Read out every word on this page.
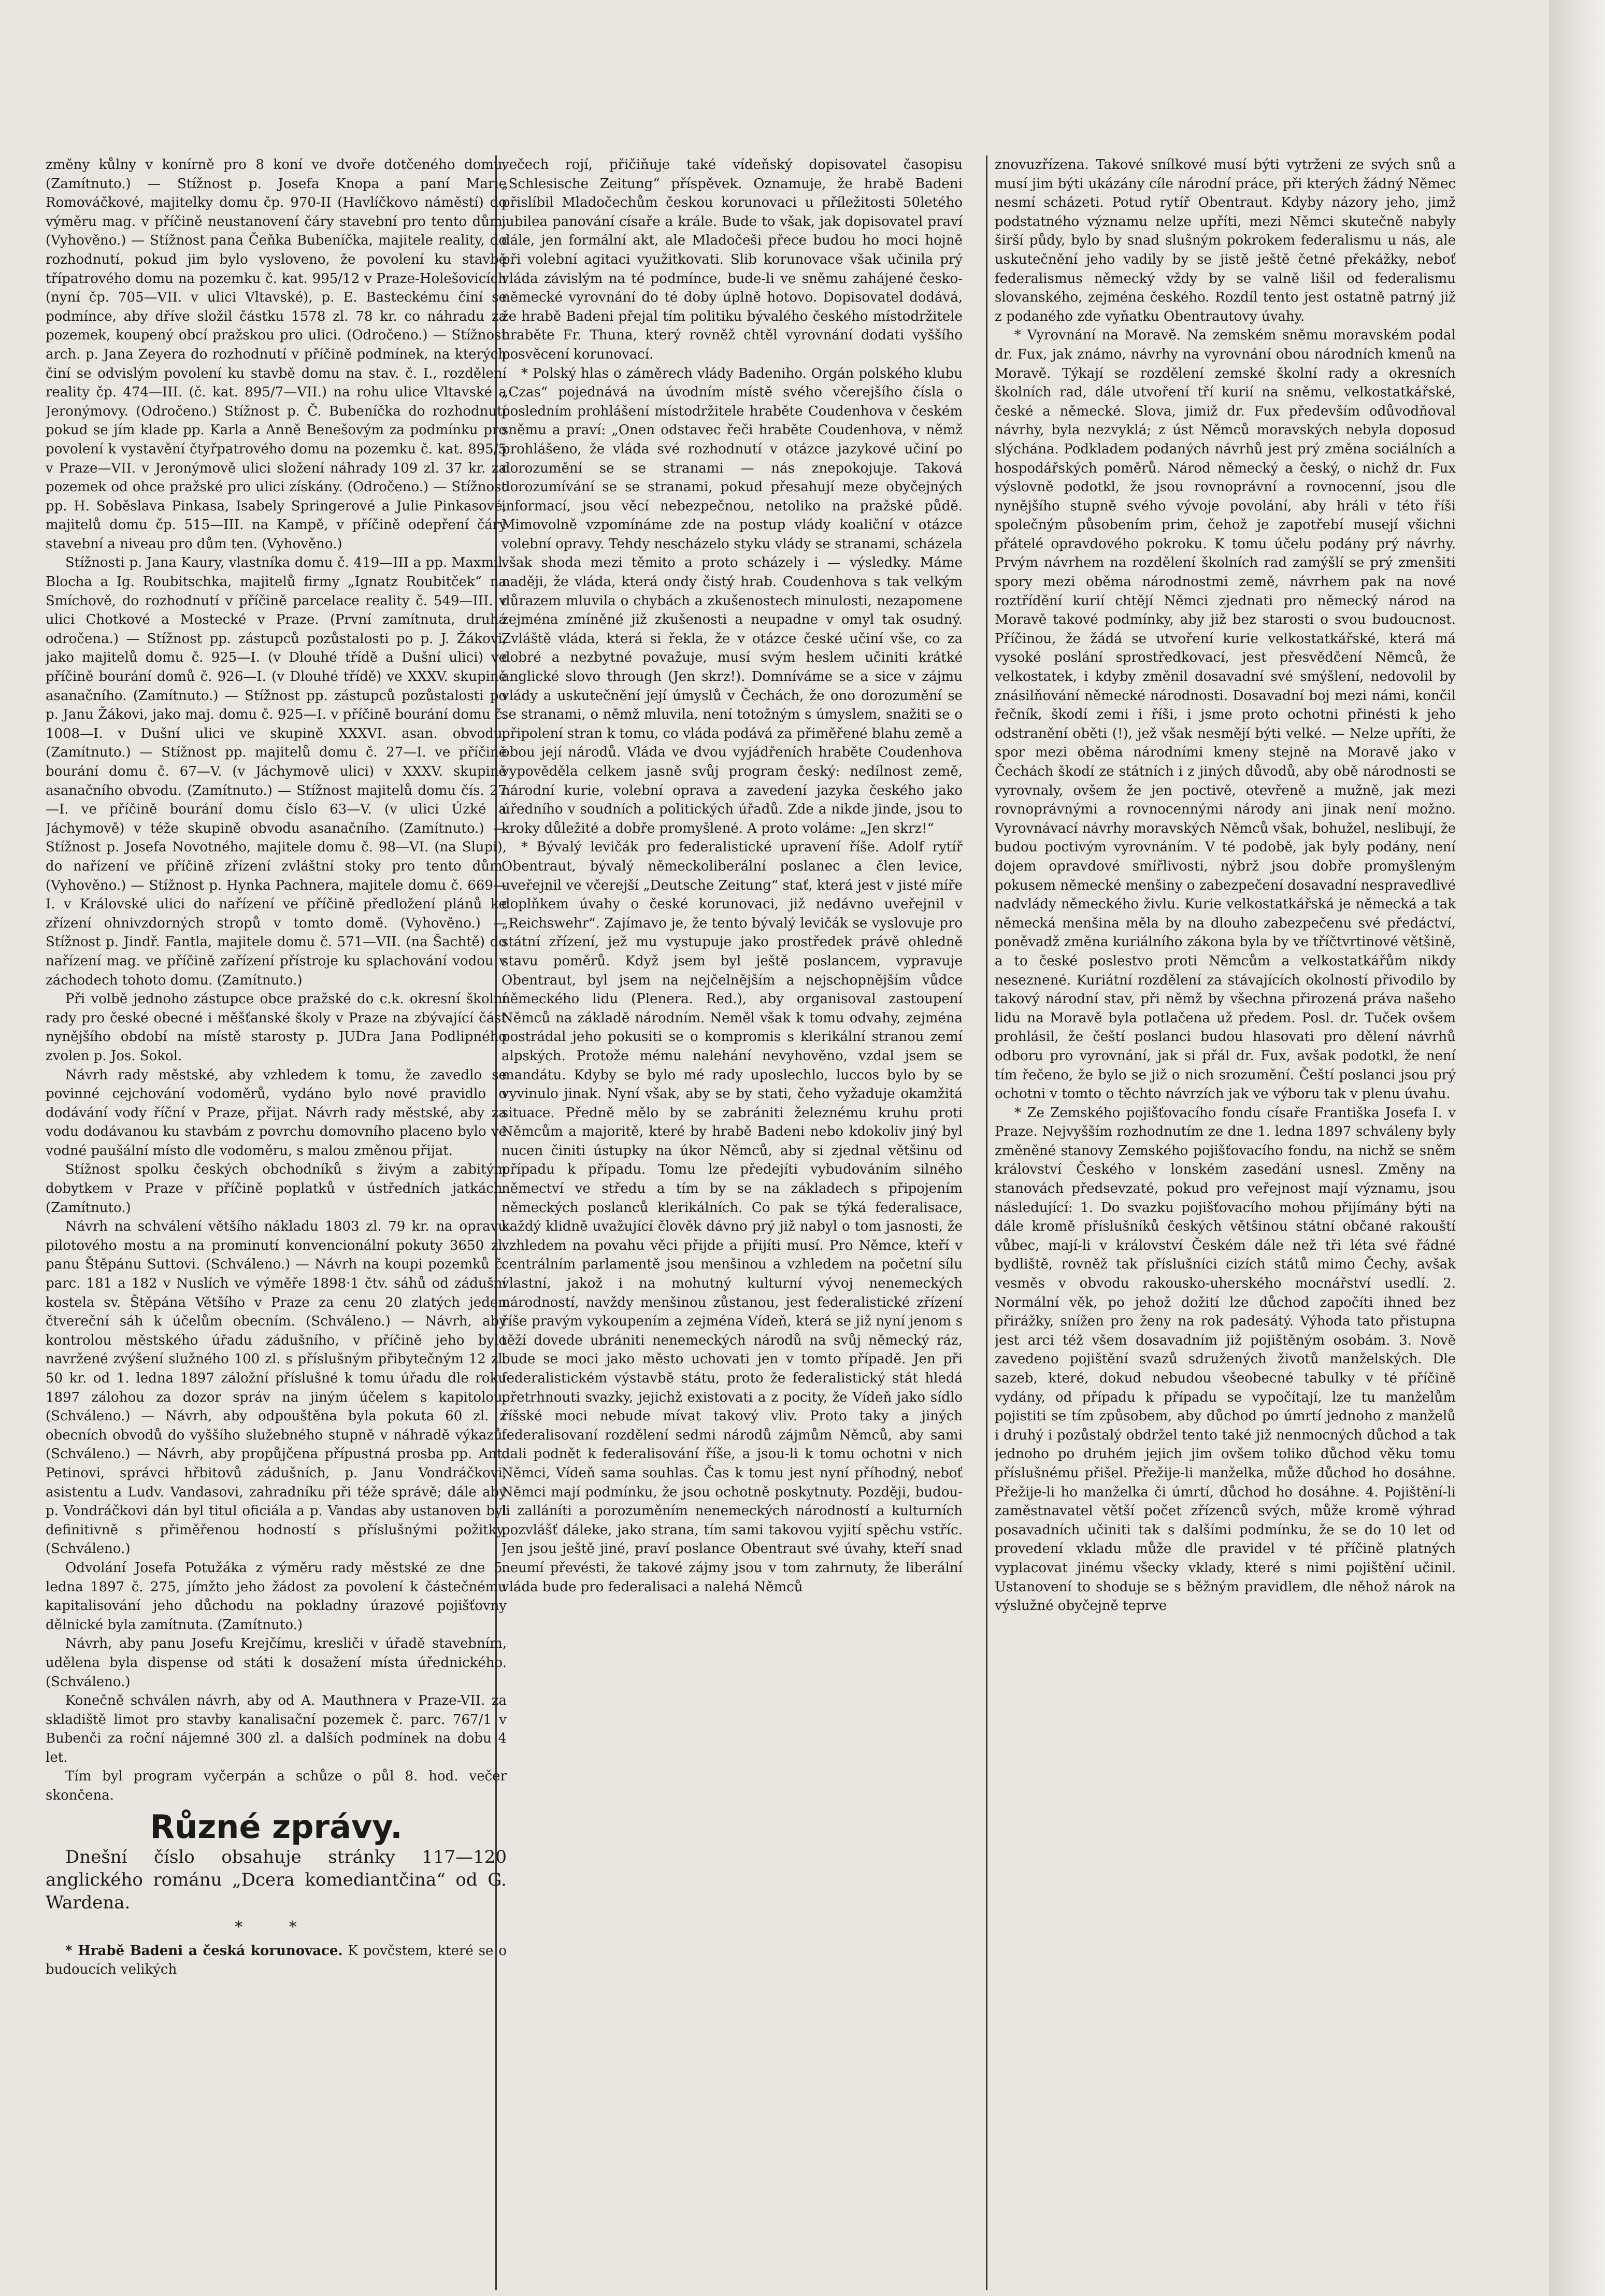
změny kůlny v konírně pro 8 koní ve dvoře dotčeného domu, (Zamítnuto.) — Stížnost p. Josefa Knopa a paní Marie Romováčkové, majitelky domu čp. 970-II (Havlíčkovo náměstí) do výměru mag. v příčině neustanovení čáry stavební pro tento dům. (Vyhověno.) — Stížnost pana Čeňka Bubeníčka, majitele reality, do rozhodnutí, pokud jim bylo vysloveno, že povolení ku stavbě třípatrového domu na pozemku č. kat. 995/12 v Praze-Holešovicích (nyní čp. 705—VII. v ulici Vltavské), p. E. Basteckému činí se podmínce, aby dříve složil částku 1578 zl. 78 kr. co náhradu za pozemek, koupený obcí pražskou pro ulici. (Odročeno.) — Stížnost arch. p. Jana Zeyera do rozhodnutí v příčině podmínek, na kterých činí se odvislým povolení ku stavbě domu na stav. č. I., rozdělení reality čp. 474—III. (č. kat. 895/7—VII.) na rohu ulice Vltavské a Jeronýmovy. (Odročeno.) Stížnost p. Č. Bubeníčka do rozhodnutí pokud se jím klade pp. Karla a Anně Benešovým za podmínku pro povolení k vystavění čtyřpatrového domu na pozemku č. kat. 895/5 v Praze—VII. v Jeronýmově ulici složení náhrady 109 zl. 37 kr. za pozemek od ohce pražské pro ulici získány. (Odročeno.) — Stížnost pp. H. Soběslava Pinkasa, Isabely Springerové a Julie Pinkasové, majitelů domu čp. 515—III. na Kampě, v příčině odepření čáry stavební a niveau pro dům ten. (Vyhověno.)

Stížnosti p. Jana Kaury, vlastníka domu č. 419—III a pp. Maxmil. Blocha a Ig. Roubitschka, majitelů firmy „Ignatz Roubitček“ na Smíchově, do rozhodnutí v příčině parcelace reality č. 549—III. v ulici Chotkové a Mostecké v Praze. (První zamítnuta, druhá odročena.) — Stížnost pp. zástupců pozůstalosti po p. J. Žákovi, jako majitelů domu č. 925—I. (v Dlouhé třídě a Dušní ulici) ve příčině bourání domů č. 926—I. (v Dlouhé třídě) ve XXXV. skupině asanačního. (Zamítnuto.) — Stížnost pp. zástupců pozůstalosti po p. Janu Žákovi, jako maj. domu č. 925—I. v příčině bourání domu č. 1008—I. v Dušní ulici ve skupině XXXVI. asan. obvodu. (Zamítnuto.) — Stížnost pp. majitelů domu č. 27—I. ve příčině bourání domu č. 67—V. (v Jáchymově ulici) v XXXV. skupině asanačního obvodu. (Zamítnuto.) — Stížnost majitelů domu čís. 27—I. ve příčině bourání domu číslo 63—V. (v ulici Úzké a Jáchymově) v téže skupině obvodu asanačního. (Zamítnuto.) — Stížnost p. Josefa Novotného, majitele domu č. 98—VI. (na Slupi), do nařízení ve příčině zřízení zvláštní stoky pro tento dům. (Vyhověno.) — Stížnost p. Hynka Pachnera, majitele domu č. 669—I. v Královské ulici do nařízení ve příčině předložení plánů ke zřízení ohnivzdorných stropů v tomto domě. (Vyhověno.) — Stížnost p. Jindř. Fantla, majitele domu č. 571—VII. (na Šachtě) do nařízení mag. ve příčině zařízení přístroje ku splachování vodou v záchodech tohoto domu. (Zamítnuto.)

Při volbě jednoho zástupce obce pražské do c.k. okresní školní rady pro české obecné i měšťanské školy v Praze na zbývající část nynějšího období na místě starosty p. JUDra Jana Podlipného zvolen p. Jos. Sokol.

Návrh rady městské, aby vzhledem k tomu, že zavedlo se povinné cejchování vodoměrů, vydáno bylo nové pravidlo o dodávání vody říční v Praze, přijat. Návrh rady městské, aby za vodu dodávanou ku stavbám z povrchu domovního placeno bylo ve vodné paušální místo dle vodoměru, s malou změnou přijat.

Stížnost spolku českých obchodníků s živým a zabitým dobytkem v Praze v příčině poplatků v ústředních jatkách. (Zamítnuto.)

Návrh na schválení většího nákladu 1803 zl. 79 kr. na opravu pilotového mostu a na prominutí konvencionální pokuty 3650 zl. panu Štěpánu Suttovi. (Schváleno.) — Návrh na koupi pozemků č. parc. 181 a 182 v Nuslích ve výměře 1898·1 čtv. sáhů od zádušní kostela sv. Štěpána Většího v Praze za cenu 20 zlatých jeden čtvereční sáh k účelům obecním. (Schváleno.) — Návrh, aby kontrolou městského úřadu zádušního, v příčině jeho bylo navržené zvýšení služného 100 zl. s příslušným přibytečným 12 zl. 50 kr. od 1. ledna 1897 záložní příslušné k tomu úřadu dle roku 1897 zálohou za dozor správ na jiným účelem s kapitolou. (Schváleno.) — Návrh, aby odpouštěna byla pokuta 60 zl. z obecních obvodů do vyššího služebného stupně v náhradě výkazů. (Schváleno.) — Návrh, aby propůjčena přípustná prosba pp. Ant. Petinovi, správci hřbitovů zádušních, p. Janu Vondráčkovi, asistentu a Ludv. Vandasovi, zahradníku při téže správě; dále aby p. Vondráčkovi dán byl titul oficiála a p. Vandas aby ustanoven byl definitivně s přiměřenou hodností s příslušnými požitky. (Schváleno.)

Odvolání Josefa Potužáka z výměru rady městské ze dne 5. ledna 1897 č. 275, jímžto jeho žádost za povolení k částečnému kapitalisování jeho důchodu na pokladny úrazové pojišťovny dělnické byla zamítnuta. (Zamítnuto.)

Návrh, aby panu Josefu Krejčímu, kresliči v úřadě stavebním, udělena byla dispense od státi k dosažení místa úřednického. (Schváleno.)

Konečně schválen návrh, aby od A. Mauthnera v Praze-VII. za skladiště limot pro stavby kanalisační pozemek č. parc. 767/1 v Bubenči za roční nájemné 300 zl. a dalších podmínek na dobu 4 let.

Tím byl program vyčerpán a schůze o půl 8. hod. večer skončena.

Různé zprávy.

Dnešní číslo obsahuje stránky 117—120 anglického románu „Dcera komediantčina“ od G. Wardena.

* *

* Hrabě Badeni a česká korunovace. K povčstem, které se o budoucích velikých

večech rojí, přičiňuje také vídeňský dopisovatel časopisu „Schlesische Zeitung“ příspěvek. Oznamuje, že hrabě Badeni přislíbil Mladočechům českou korunovaci u příležitosti 50letého jubilea panování císaře a krále. Bude to však, jak dopisovatel praví dále, jen formální akt, ale Mladočeši přece budou ho moci hojně při volební agitaci využitkovati. Slib korunovace však učinila prý vláda závislým na té podmínce, bude-li ve sněmu zahájené česko-německé vyrovnání do té doby úplně hotovo. Dopisovatel dodává, že hrabě Badeni přejal tím politiku bývalého českého místodržitele hraběte Fr. Thuna, který rovněž chtěl vyrovnání dodati vyššího posvěcení korunovací.

* Polský hlas o záměrech vlády Badeniho. Orgán polského klubu „Czas“ pojednává na úvodním místě svého včerejšího čísla o posledním prohlášení místodržitele hraběte Coudenhova v českém sněmu a praví: „Onen odstavec řeči hraběte Coudenhova, v němž prohlášeno, že vláda své rozhodnutí v otázce jazykové učiní po dorozumění se se stranami — nás znepokojuje. Taková dorozumívání se se stranami, pokud přesahují meze obyčejných informací, jsou věcí nebezpečnou, netoliko na pražské půdě. Mimovolně vzpomínáme zde na postup vlády koaliční v otázce volební opravy. Tehdy nescházelo styku vlády se stranami, scházela však shoda mezi těmito a proto scházely i — výsledky. Máme naději, že vláda, která ondy čistý hrab. Coudenhova s tak velkým důrazem mluvila o chybách a zkušenostech minulosti, nezapomene zejména zmíněné již zkušenosti a neupadne v omyl tak osudný. Zvláště vláda, která si řekla, že v otázce české učiní vše, co za dobré a nezbytné považuje, musí svým heslem učiniti krátké anglické slovo through (Jen skrz!). Domníváme se a sice v zájmu vlády a uskutečnění její úmyslů v Čechách, že ono dorozumění se se stranami, o němž mluvila, není totožným s úmyslem, snažiti se o připolení stran k tomu, co vláda podává za přiměřené blahu země a obou její národů. Vláda ve dvou vyjádřeních hraběte Coudenhova vypověděla celkem jasně svůj program český: nedílnost země, národní kurie, volební oprava a zavedení jazyka českého jako úředního v soudních a politických úřadů. Zde a nikde jinde, jsou to kroky důležité a dobře promyšlené. A proto voláme: „Jen skrz!“

* Bývalý levičák pro federalistické upravení říše. Adolf rytíř Obentraut, bývalý německoliberální poslanec a člen levice, uveřejnil ve včerejší „Deutsche Zeitung“ stať, která jest v jisté míře doplňkem úvahy o české korunovaci, již nedávno uveřejnil v „Reichswehr“. Zajímavo je, že tento bývalý levičák se vyslovuje pro státní zřízení, jež mu vystupuje jako prostředek právě ohledně stavu poměrů. Když jsem byl ještě poslancem, vypravuje Obentraut, byl jsem na nejčelnějším a nejschopnějším vůdce německého lidu (Plenera. Red.), aby organisoval zastoupení Němců na základě národním. Neměl však k tomu odvahy, zejména postrádal jeho pokusiti se o kompromis s klerikální stranou zemí alpských. Protože mému nalehání nevyhověno, vzdal jsem se mandátu. Kdyby se bylo mé rady uposlechlo, luccos bylo by se vyvinulo jinak. Nyní však, aby se by stati, čeho vyžaduje okamžitá situace. Předně mělo by se zabrániti železnému kruhu proti Němcům a majoritě, které by hrabě Badeni nebo kdokoliv jiný byl nucen činiti ústupky na úkor Němců, aby si zjednal většinu od případu k případu. Tomu lze předejíti vybudováním silného němectví ve středu a tím by se na základech s připojením německých poslanců klerikálních. Co pak se týká federalisace, každý klidně uvažující člověk dávno prý již nabyl o tom jasnosti, že vzhledem na povahu věci přijde a přijíti musí. Pro Němce, kteří v centrálním parlamentě jsou menšinou a vzhledem na početní sílu vlastní, jakož i na mohutný kulturní vývoj nenemeckých národností, navždy menšinou zůstanou, jest federalistické zřízení říše pravým vykoupením a zejména Vídeň, která se již nyní jenom s těží dovede ubrániti nenemeckých národů na svůj německý ráz, bude se moci jako město uchovati jen v tomto případě. Jen při federalistickém výstavbě státu, proto že federalistický stát hledá přetrhnouti svazky, jejichž existovati a z pocity, že Vídeň jako sídlo říšské moci nebude mívat takový vliv. Proto taky a jiných federalisovaní rozdělení sedmi národů zájmům Němců, aby sami dali podnět k federalisování říše, a jsou-li k tomu ochotni v nich Němci, Vídeň sama souhlas. Čas k tomu jest nyní příhodný, neboť Němci mají podmínku, že jsou ochotně poskytnuty. Později, budou-li zalláníti a porozuměním nenemeckých národností a kulturních pozvlášť dáleke, jako strana, tím sami takovou vyjití spěchu vstříc. Jen jsou ještě jiné, praví poslance Obentraut své úvahy, kteří snad neumí převésti, že takové zájmy jsou v tom zahrnuty, že liberální vláda bude pro federalisaci a nalehá Němců

znovuzřízena. Takové snílkové musí býti vytrženi ze svých snů a musí jim býti ukázány cíle národní práce, při kterých žádný Němec nesmí scházeti. Potud rytíř Obentraut. Kdyby názory jeho, jimž podstatného významu nelze upříti, mezi Němci skutečně nabyly širší půdy, bylo by snad slušným pokrokem federalismu u nás, ale uskutečnění jeho vadily by se jistě ještě četné překážky, neboť federalismus německý vždy by se valně lišil od federalismu slovanského, zejména českého. Rozdíl tento jest ostatně patrný již z podaného zde vyňatku Obentrautovy úvahy.

* Vyrovnání na Moravě. Na zemském sněmu moravském podal dr. Fux, jak známo, návrhy na vyrovnání obou národních kmenů na Moravě. Týkají se rozdělení zemské školní rady a okresních školních rad, dále utvoření tří kurií na sněmu, velkostatkářské, české a německé. Slova, jimiž dr. Fux především odůvodňoval návrhy, byla nezvyklá; z úst Němců moravských nebyla doposud slýchána. Podkladem podaných návrhů jest prý změna sociálních a hospodářských poměrů. Národ německý a český, o nichž dr. Fux výslovně podotkl, že jsou rovnoprávní a rovnocenní, jsou dle nynějšího stupně svého vývoje povolání, aby hráli v této říši společným působením prim, čehož je zapotřebí musejí všichni přátelé opravdového pokroku. K tomu účelu podány prý návrhy. Prvým návrhem na rozdělení školních rad zamýšlí se prý zmenšiti spory mezi oběma národnostmi země, návrhem pak na nové roztřídění kurií chtějí Němci zjednati pro německý národ na Moravě takové podmínky, aby již bez starosti o svou budoucnost. Příčinou, že žádá se utvoření kurie velkostatkářské, která má vysoké poslání sprostředkovací, jest přesvědčení Němců, že velkostatek, i kdyby změnil dosavadní své smýšlení, nedovolil by znásilňování německé národnosti. Dosavadní boj mezi námi, končil řečník, škodí zemi i říši, i jsme proto ochotni přinésti k jeho odstranění oběti (!), jež však nesmějí býti velké. — Nelze upříti, že spor mezi oběma národními kmeny stejně na Moravě jako v Čechách škodí ze státních i z jiných důvodů, aby obě národnosti se vyrovnaly, ovšem že jen poctivě, otevřeně a mužně, jak mezi rovnoprávnými a rovnocennými národy ani jinak není možno. Vyrovnávací návrhy moravských Němců však, bohužel, neslibují, že budou poctivým vyrovnáním. V té podobě, jak byly podány, není dojem opravdové smířlivosti, nýbrž jsou dobře promyšleným pokusem německé menšiny o zabezpečení dosavadní nespravedlivé nadvlády německého živlu. Kurie velkostatkářská je německá a tak německá menšina měla by na dlouho zabezpečenu své předáctví, poněvadž změna kuriálního zákona byla by ve tříčtvrtinové většině, a to české poslestvo proti Němcům a velkostatkářům nikdy neseznené. Kuriátní rozdělení za stávajících okolností přivodilo by takový národní stav, při němž by všechna přirozená práva našeho lidu na Moravě byla potlačena už předem. Posl. dr. Tuček ovšem prohlásil, že čeští poslanci budou hlasovati pro dělení návrhů odboru pro vyrovnání, jak si přál dr. Fux, avšak podotkl, že není tím řečeno, že bylo se již o nich srozumění. Čeští poslanci jsou prý ochotni v tomto o těchto návrzích jak ve výboru tak v plenu úvahu.

* Ze Zemského pojišťovacího fondu císaře Františka Josefa I. v Praze. Nejvyšším rozhodnutím ze dne 1. ledna 1897 schváleny byly změněné stanovy Zemského pojišťovacího fondu, na nichž se sněm království Českého v lonském zasedání usnesl. Změny na stanovách předsevzaté, pokud pro veřejnost mají významu, jsou následující: 1. Do svazku pojišťovacího mohou přijímány býti na dále kromě příslušníků českých většinou státní občané rakouští vůbec, mají-li v království Českém dále než tři léta své řádné bydliště, rovněž tak příslušníci cizích států mimo Čechy, avšak vesměs v obvodu rakousko-uherského mocnářství usedlí. 2. Normální věk, po jehož dožití lze důchod započíti ihned bez přirážky, snížen pro ženy na rok padesátý. Výhoda tato přistupna jest arci též všem dosavadním již pojištěným osobám. 3. Nově zavedeno pojištění svazů sdružených životů manželských. Dle sazeb, které, dokud nebudou všeobecné tabulky v té příčině vydány, od případu k případu se vypočítají, lze tu manželům pojistiti se tím způsobem, aby důchod po úmrtí jednoho z manželů i druhý i pozůstalý obdržel tento také již nenmocných důchod a tak jednoho po druhém jejich jim ovšem toliko důchod věku tomu příslušnému přišel. Přežije-li manželka, může důchod ho dosáhne. Přežije-li ho manželka či úmrtí, důchod ho dosáhne. 4. Pojištění-li zaměstnavatel větší počet zřízenců svých, může kromě výhrad posavadních učiniti tak s dalšími podmínku, že se do 10 let od provedení vkladu může dle pravidel v té příčině platných vyplacovat jinému všecky vklady, které s nimi pojištění učinil. Ustanovení to shoduje se s běžným pravidlem, dle něhož nárok na výslužné obyčejně teprve
